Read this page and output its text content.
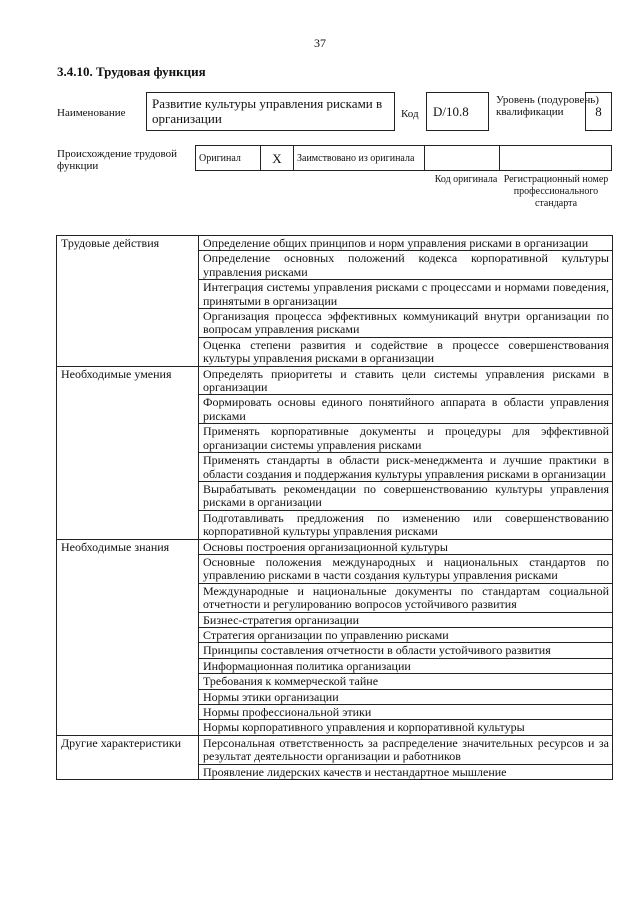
37
3.4.10. Трудовая функция
Наименование
Развитие культуры управления рисками в организации	Код	D/10.8
Уровень (подуровень) квалификации	8
Происхождение трудовой функции
Оригинал	X	Заимствовано из оригинала		
Код оригинала Регистрационный номер профессионального стандарта
Трудовые действия	Определение общих принципов и норм управления рисками в организации
	Определение основных положений кодекса корпоративной культуры управления рисками
	Интеграция системы управления рисками с процессами и нормами поведения, принятыми в организации
	Организация процесса эффективных коммуникаций внутри организации по вопросам управления рисками
	Оценка степени развития и содействие в процессе совершенствования культуры управления рисками в организации
Необходимые умения	Определять приоритеты и ставить цели системы управления рисками в организации
	Формировать основы единого понятийного аппарата в области управления рисками
	Применять корпоративные документы и процедуры для эффективной организации системы управления рисками
	Применять стандарты в области риск-менеджмента и лучшие практики в области создания и поддержания культуры управления рисками в организации
	Вырабатывать рекомендации по совершенствованию культуры управления рисками в организации
	Подготавливать предложения по изменению или совершенствованию корпоративной культуры управления рисками
Необходимые знания	Основы построения организационной культуры
	Основные положения международных и национальных стандартов по управлению рисками в части создания культуры управления рисками
	Международные и национальные документы по стандартам социальной отчетности и регулированию вопросов устойчивого развития
	Бизнес-стратегия организации
	Стратегия организации по управлению рисками
	Принципы составления отчетности в области устойчивого развития
	Информационная политика организации
	Требования к коммерческой тайне
	Нормы этики организации
	Нормы профессиональной этики
	Нормы корпоративного управления и корпоративной культуры
Другие характеристики	Персональная ответственность за распределение значительных ресурсов и за результат деятельности организации и работников
	Проявление лидерских качеств и нестандартное мышление
